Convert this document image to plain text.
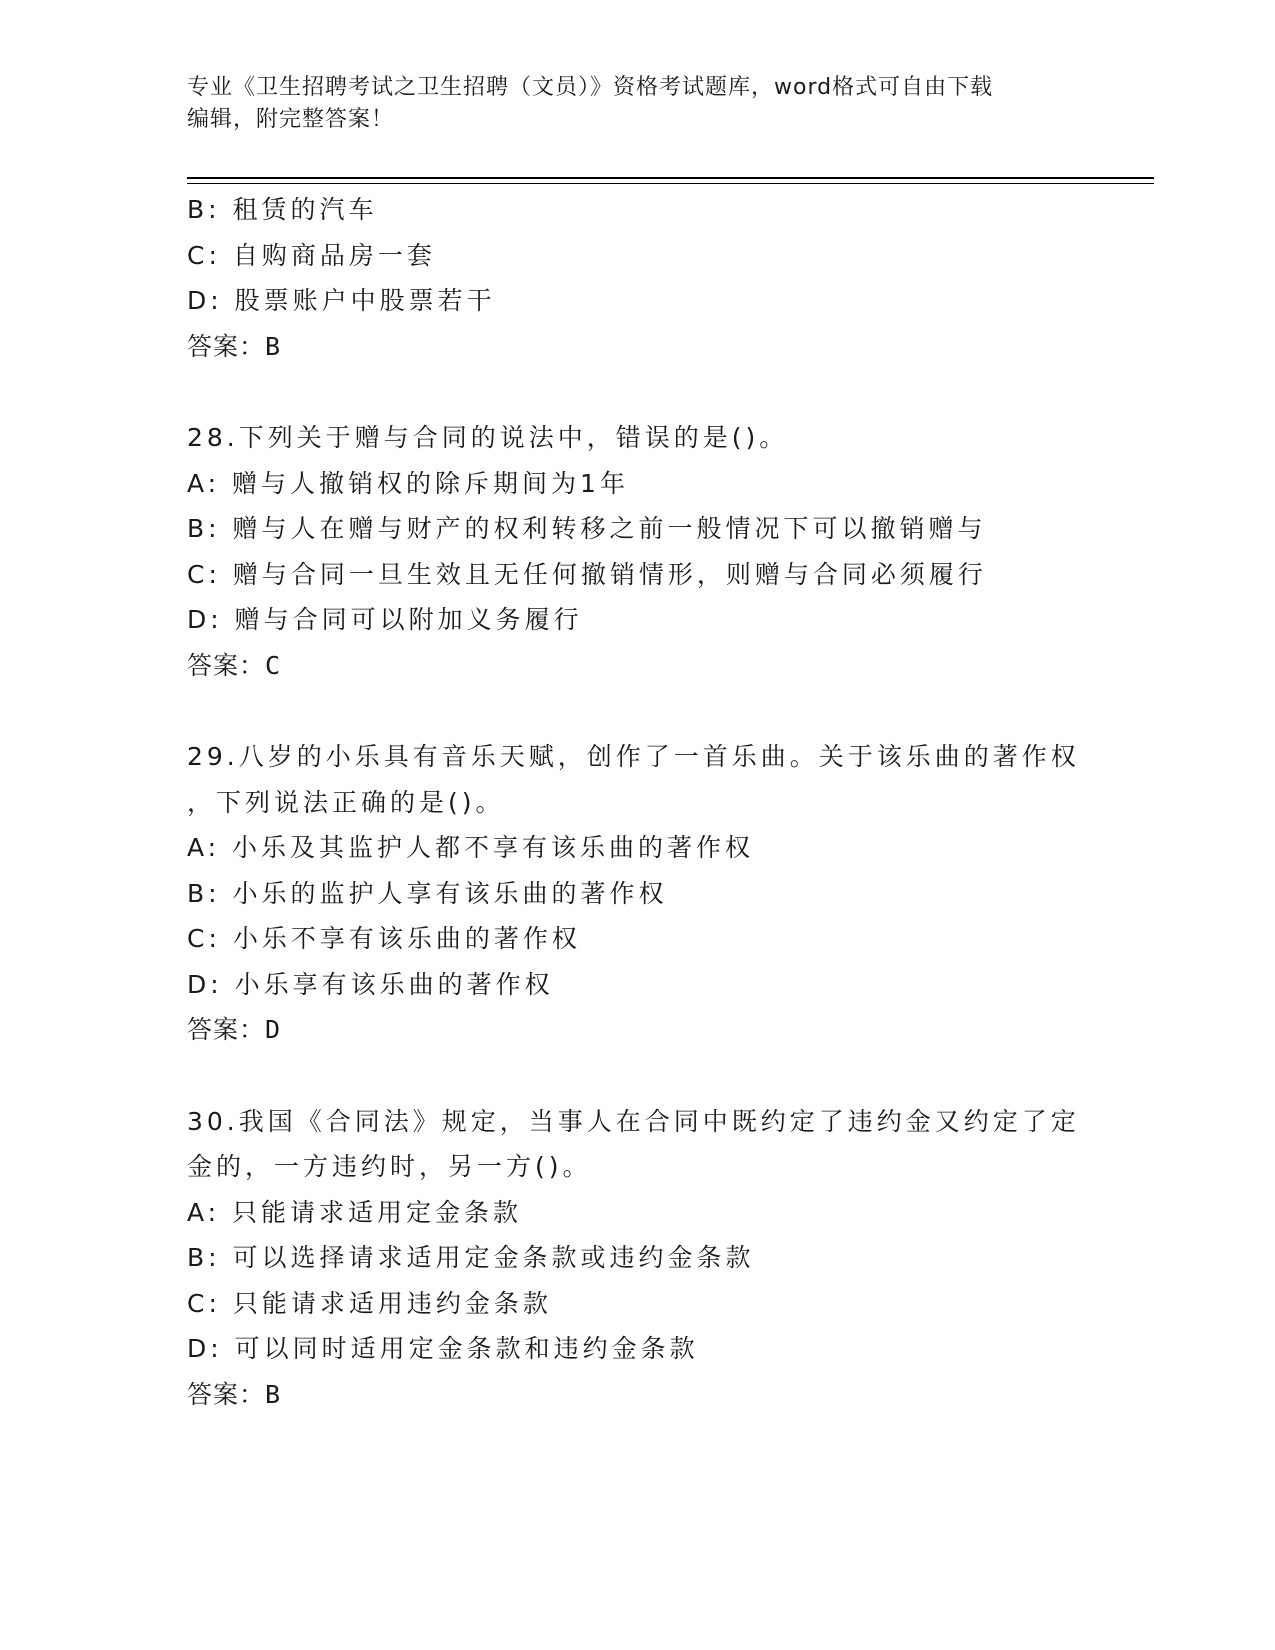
专业《卫生招聘考试之卫生招聘（文员）》资格考试题库，word格式可自由下载
编辑，附完整答案！
B: 租赁的汽车
C: 自购商品房一套
D: 股票账户中股票若干
答案：B
28.下列关于赠与合同的说法中，错误的是()。
A: 赠与人撤销权的除斥期间为1年
B: 赠与人在赠与财产的权利转移之前一般情况下可以撤销赠与
C: 赠与合同一旦生效且无任何撤销情形，则赠与合同必须履行
D: 赠与合同可以附加义务履行
答案：C
29.八岁的小乐具有音乐天赋，创作了一首乐曲。关于该乐曲的著作权
，下列说法正确的是()。
A: 小乐及其监护人都不享有该乐曲的著作权
B: 小乐的监护人享有该乐曲的著作权
C: 小乐不享有该乐曲的著作权
D: 小乐享有该乐曲的著作权
答案：D
30.我国《合同法》规定，当事人在合同中既约定了违约金又约定了定
金的，一方违约时，另一方()。
A: 只能请求适用定金条款
B: 可以选择请求适用定金条款或违约金条款
C: 只能请求适用违约金条款
D: 可以同时适用定金条款和违约金条款
答案：B
